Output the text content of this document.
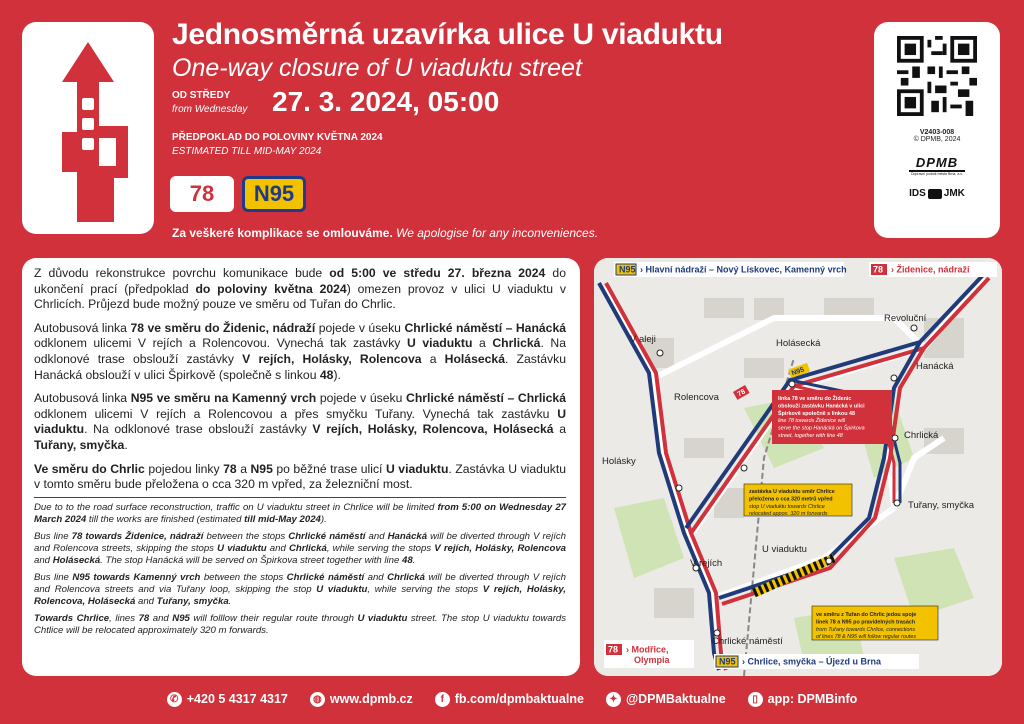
Jednosměrná uzavírka ulice U viaduktu
One-way closure of U viaduktu street
OD STŘEDY
from Wednesday 27. 3. 2024, 05:00
PŘEDPOKLAD DO POLOVINY KVĚTNA 2024
ESTIMATED TILL MID-MAY 2024
78	N95
Za veškeré komplikace se omlouváme. We apologise for any inconveniences.
V2403-008
© DPMB, 2024
DPMB
Dopravní podnik města Brna, a.s.
IDS JMK

Z důvodu rekonstrukce povrchu komunikace bude od 5:00 ve středu 27. března 2024 do ukončení prací (předpoklad do poloviny května 2024) omezen provoz v ulici U viaduktu v Chrlicích. Průjezd bude možný pouze ve směru od Tuřan do Chrlic.

Autobusová linka 78 ve směru do Židenic, nádraží pojede v úseku Chrlické náměstí – Hanácká odklonem ulicemi V rejích a Rolencovou. Vynechá tak zastávky U viaduktu a Chrlická. Na odklonové trase obslouží zastávky V rejích, Holásky, Rolencova a Holásecká. Zastávku Hanácká obslouží v ulici Špirkově (společně s linkou 48).

Autobusová linka N95 ve směru na Kamenný vrch pojede v úseku Chrlické náměstí – Chrlická odklonem ulicemi V rejích a Rolencovou a přes smyčku Tuřany. Vynechá tak zastávku U viaduktu. Na odklonové trase obslouží zastávky V rejích, Holásky, Rolencova, Holásecká a Tuřany, smyčka.

Ve směru do Chrlic pojedou linky 78 a N95 po běžné trase ulicí U viaduktu. Zastávka U viaduktu v tomto směru bude přeložena o cca 320 m vpřed, za železniční most.

Due to to the road surface reconstruction, traffic on U viaduktu street in Chrlice will be limited from 5:00 on Wednesday 27 March 2024 till the works are finished (estimated till mid-May 2024).

Bus line 78 towards Židenice, nádraží between the stops Chrlické náměstí and Hanácká will be diverted through V rejích and Rolencova streets, skipping the stops U viaduktu and Chrlická, while serving the stops V rejích, Holásky, Rolencova and Holásecká. The stop Hanácká will be served on Špirkova street together with line 48.

Bus line N95 towards Kamenný vrch between the stops Chrlické náměstí and Chrlická will be diverted through V rejích and Rolencova streets and via Tuřany loop, skipping the stop U viaduktu, while serving the stops V rejích, Holásky, Rolencova, Holásecká and Tuřany, smyčka.

Towards Chrlice, lines 78 and N95 will folllow their regular route through U viaduktu street. The stop U viaduktu towards Chtlice will be relocated approximately 320 m forwards.

N95 › Hlavní nádraží – Nový Lískovec, Kamenný vrch	78 › Židenice, nádraží
78 › Modřice,
Olympia	N95 › Chrlice, smyčka – Újezd u Brna
Revoluční
V aleji	Holásecká
Hanácká
Rolencova
Chrlická
Holásky
Tuřany, smyčka
U viaduktu
V rejích
Chrlické náměstí
78
N95
linka 78 ve směru do Židenic
obslouží zastávku Hanácká v ulici
Špirkově společně s linkou 48
line 78 towards Židenice will
serve the stop Hanácká on Špirkova
street, together with line 48
zastávka U viaduktu směr Chrlice
přeložena o cca 320 metrů vpřed
stop U viaduktu towards Chrlice
relocated appox. 320 m forwards
ve směru z Tuřan do Chrlic jedou spoje
linek 78 a N95 po pravidelných trasách
from Tuřany towards Chrlice, connections
of lines 78 & N95 will follow regular routes
✆ +420 5 4317 4317	◍ www.dpmb.cz	f fb.com/dpmbaktualne	✦ @DPMBaktualne	▯ app: DPMBinfo
